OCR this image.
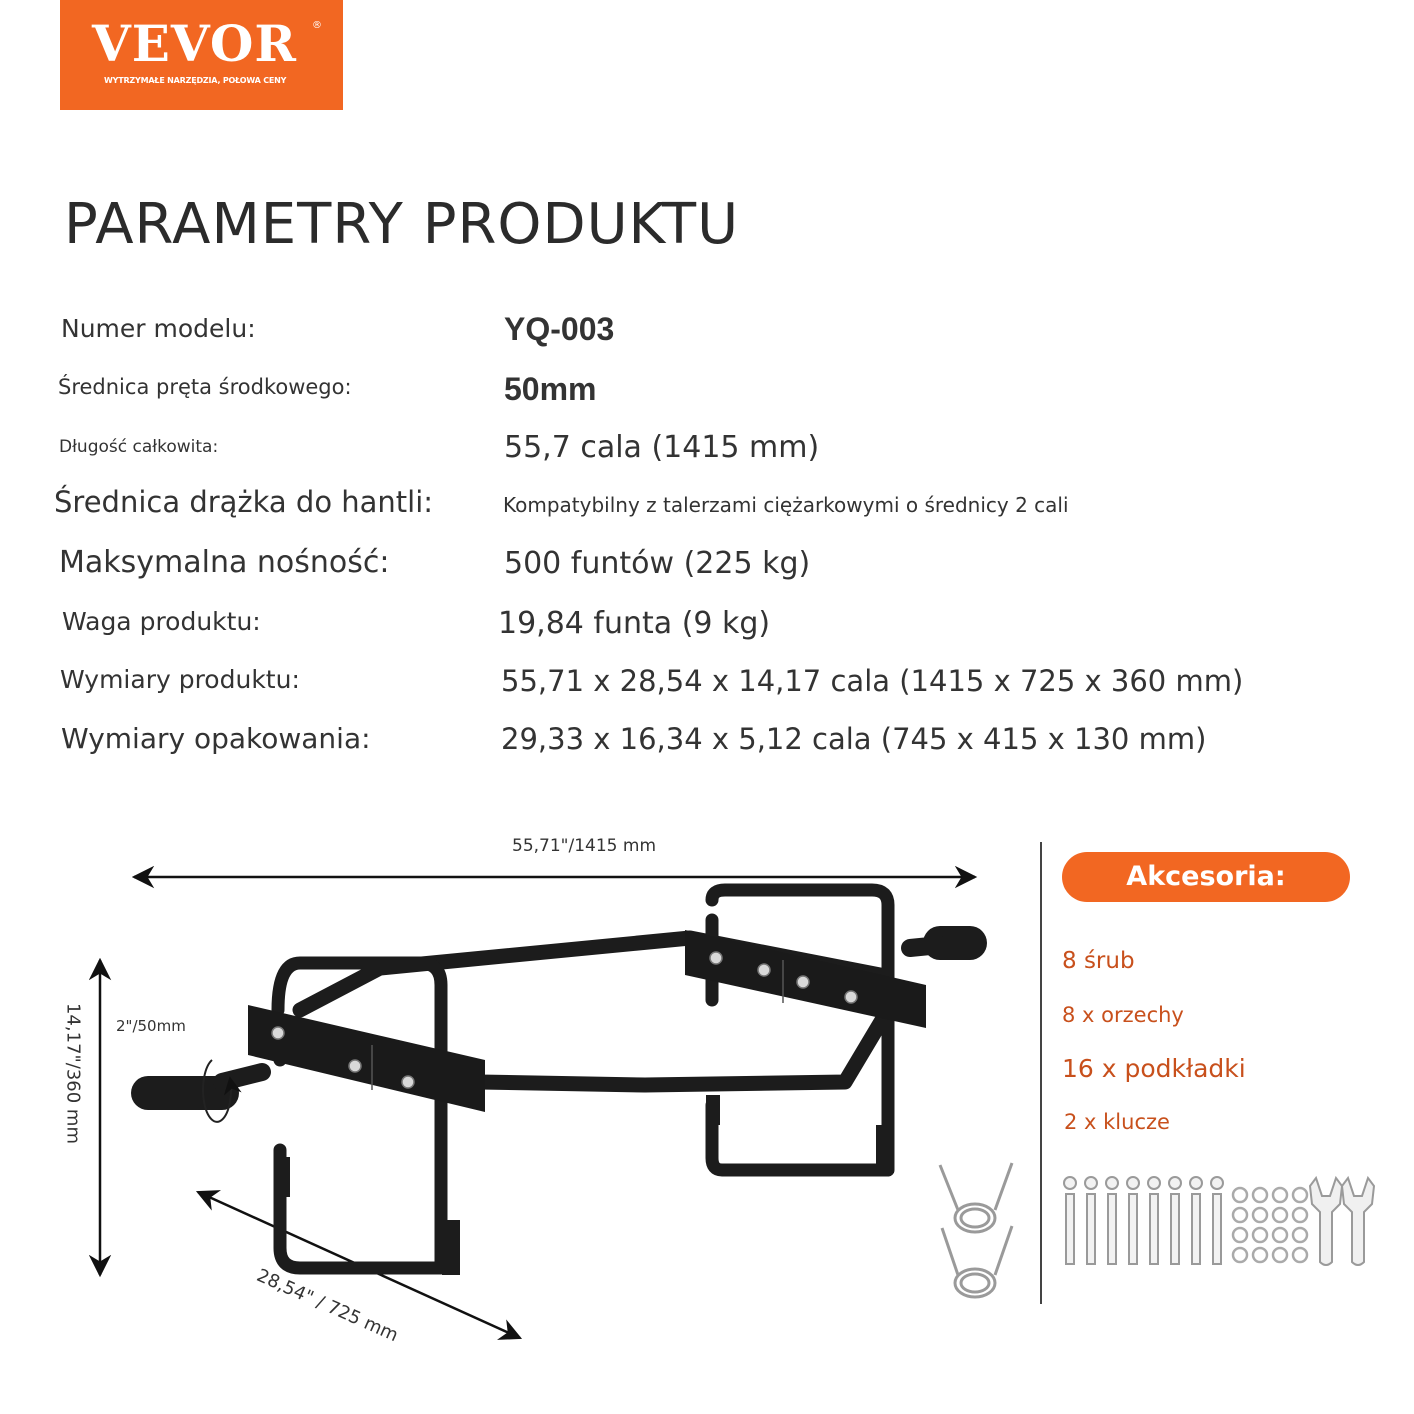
VEVOR ®
WYTRZYMAŁE NARZĘDZIA, POŁOWA CENY
PARAMETRY PRODUKTU
Numer modelu:	YQ-003
Średnica pręta środkowego:	50mm
Długość całkowita:	55,7 cala (1415 mm)
Średnica drążka do hantli:	Kompatybilny z talerzami ciężarkowymi o średnicy 2 cali
Maksymalna nośność:	500 funtów (225 kg)
Waga produktu:	19,84 funta (9 kg)
Wymiary produktu:	55,71 x 28,54 x 14,17 cala (1415 x 725 x 360 mm)
Wymiary opakowania:	29,33 x 16,34 x 5,12 cala (745 x 415 x 130 mm)
55,71"/1415 mm
2"/50mm
14,17"/360 mm
28,54" / 725 mm
Akcesoria:
8 śrub
8 x orzechy
16 x podkładki
2 x klucze
